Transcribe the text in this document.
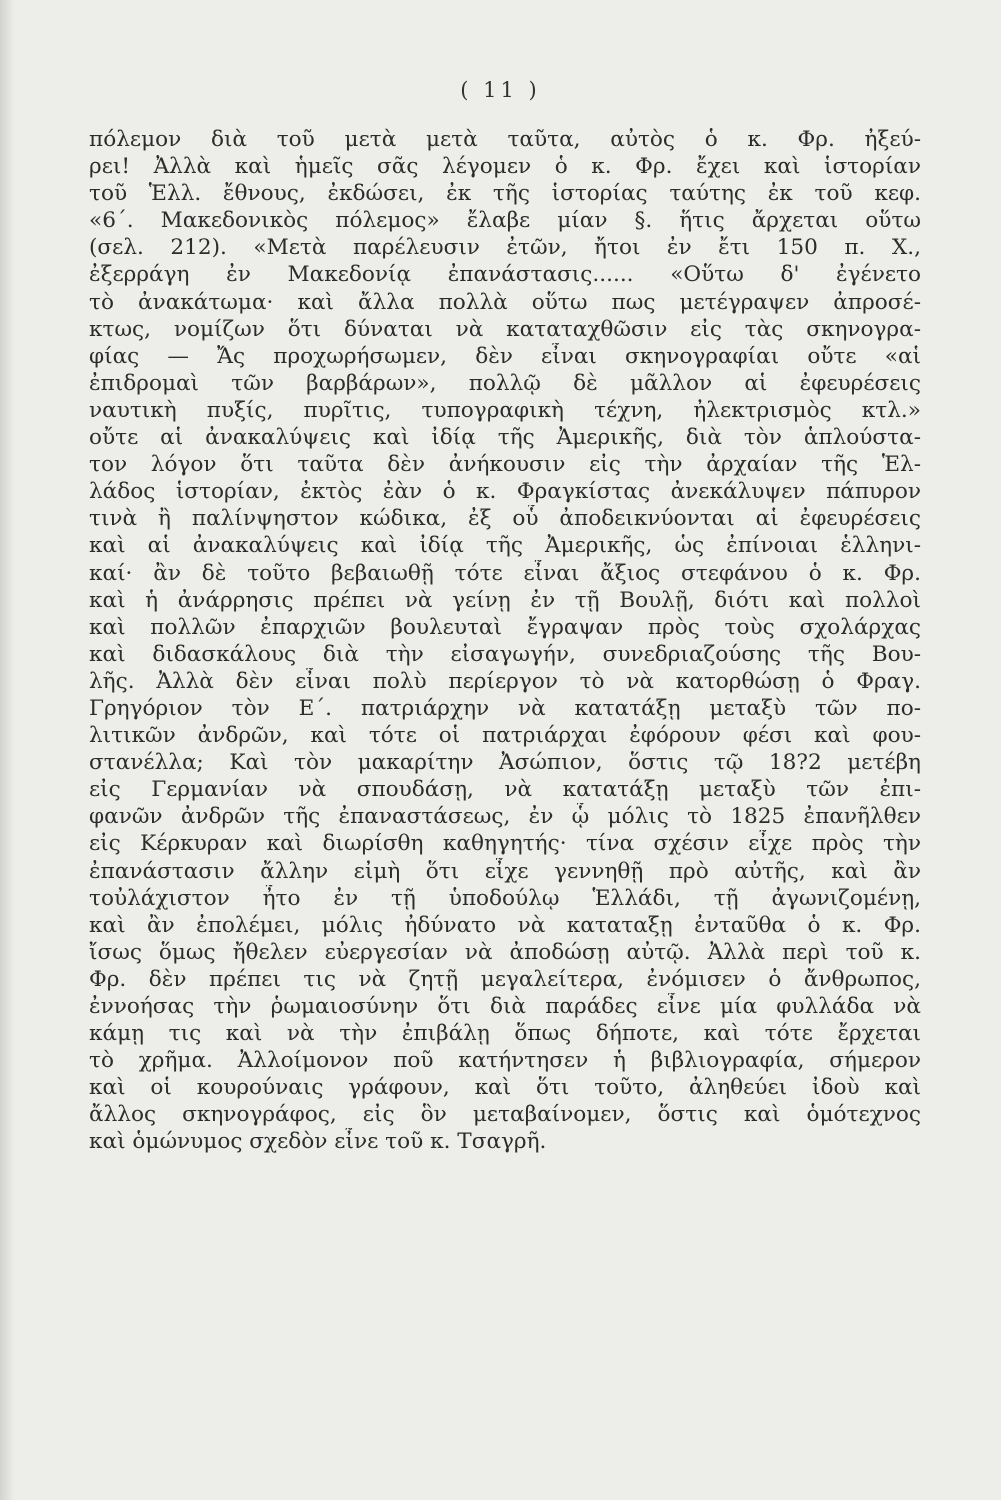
( 11 )
πόλεμον διὰ τοῦ μετὰ μετὰ ταῦτα, αὐτὸς ὁ κ. Φρ. ἠξεύ-
ρει! Ἀλλὰ καὶ ἡμεῖς σᾶς λέγομεν ὁ κ. Φρ. ἔχει καὶ ἱστορίαν
τοῦ Ἑλλ. ἔθνους, ἐκδώσει, ἐκ τῆς ἱστορίας ταύτης ἐκ τοῦ κεφ.
«6΄. Μακεδονικὸς πόλεμος» ἔλαβε μίαν §. ἥτις ἄρχεται οὕτω
(σελ. 212). «Μετὰ παρέλευσιν ἐτῶν, ἤτοι ἐν ἔτι 150 π. Χ.,
ἐξερράγη ἐν Μακεδονίᾳ ἐπανάστασις...... «Οὕτω δ' ἐγένετο
τὸ ἀνακάτωμα· καὶ ἄλλα πολλὰ οὕτω πως μετέγραψεν ἀπροσέ-
κτως, νομίζων ὅτι δύναται νὰ καταταχθῶσιν εἰς τὰς σκηνογρα-
φίας — Ἄς προχωρήσωμεν, δὲν εἶναι σκηνογραφίαι οὔτε «αἱ
ἐπιδρομαὶ τῶν βαρβάρων», πολλῷ δὲ μᾶλλον αἱ ἐφευρέσεις
ναυτικὴ πυξίς, πυρῖτις, τυπογραφικὴ τέχνη, ἠλεκτρισμὸς κτλ.»
οὔτε αἱ ἀνακαλύψεις καὶ ἰδίᾳ τῆς Ἀμερικῆς, διὰ τὸν ἁπλούστα-
τον λόγον ὅτι ταῦτα δὲν ἀνήκουσιν εἰς τὴν ἀρχαίαν τῆς Ἑλ-
λάδος ἱστορίαν, ἐκτὸς ἐὰν ὁ κ. Φραγκίστας ἀνεκάλυψεν πάπυρον
τινὰ ἢ παλίνψηστον κώδικα, ἐξ οὗ ἀποδεικνύονται αἱ ἐφευρέσεις
καὶ αἱ ἀνακαλύψεις καὶ ἰδίᾳ τῆς Ἀμερικῆς, ὡς ἐπίνοιαι ἑλληνι-
καί· ἂν δὲ τοῦτο βεβαιωθῇ τότε εἶναι ἄξιος στεφάνου ὁ κ. Φρ.
καὶ ἡ ἀνάρρησις πρέπει νὰ γείνῃ ἐν τῇ Βουλῇ, διότι καὶ πολλοὶ
καὶ πολλῶν ἐπαρχιῶν βουλευταὶ ἔγραψαν πρὸς τοὺς σχολάρχας
καὶ διδασκάλους διὰ τὴν εἰσαγωγήν, συνεδριαζούσης τῆς Βου-
λῆς. Ἀλλὰ δὲν εἶναι πολὺ περίεργον τὸ νὰ κατορθώσῃ ὁ Φραγ.
Γρηγόριον τὸν Ε΄. πατριάρχην νὰ κατατάξῃ μεταξὺ τῶν πο-
λιτικῶν ἀνδρῶν, καὶ τότε οἱ πατριάρχαι ἐφόρουν φέσι καὶ φου-
στανέλλα; Καὶ τὸν μακαρίτην Ἀσώπιον, ὅστις τῷ 18?2 μετέβη
εἰς Γερμανίαν νὰ σπουδάσῃ, νὰ κατατάξῃ μεταξὺ τῶν ἐπι-
φανῶν ἀνδρῶν τῆς ἐπαναστάσεως, ἐν ᾧ μόλις τὸ 1825 ἐπανῆλθεν
εἰς Κέρκυραν καὶ διωρίσθη καθηγητής· τίνα σχέσιν εἶχε πρὸς τὴν
ἐπανάστασιν ἄλλην εἰμὴ ὅτι εἶχε γεννηθῇ πρὸ αὐτῆς, καὶ ἂν
τοὐλάχιστον ἦτο ἐν τῇ ὑποδούλῳ Ἑλλάδι, τῇ ἀγωνιζομένῃ,
καὶ ἂν ἐπολέμει, μόλις ἠδύνατο νὰ καταταξῃ ἐνταῦθα ὁ κ. Φρ.
ἴσως ὅμως ἤθελεν εὐεργεσίαν νὰ ἀποδώσῃ αὐτῷ. Ἀλλὰ περὶ τοῦ κ.
Φρ. δὲν πρέπει τις νὰ ζητῇ μεγαλείτερα, ἐνόμισεν ὁ ἄνθρωπος,
ἐννοήσας τὴν ῥωμαιοσύνην ὅτι διὰ παράδες εἶνε μία φυλλάδα νὰ
κάμῃ τις καὶ νὰ τὴν ἐπιβάλῃ ὅπως δήποτε, καὶ τότε ἔρχεται
τὸ χρῆμα. Ἀλλοίμονον ποῦ κατήντησεν ἡ βιβλιογραφία, σήμερον
καὶ οἱ κουρούναις γράφουν, καὶ ὅτι τοῦτο, ἀληθεύει ἰδοὺ καὶ
ἄλλος σκηνογράφος, εἰς ὃν μεταβαίνομεν, ὅστις καὶ ὁμότεχνος
καὶ ὁμώνυμος σχεδὸν εἶνε τοῦ κ. Τσαγρῆ.
